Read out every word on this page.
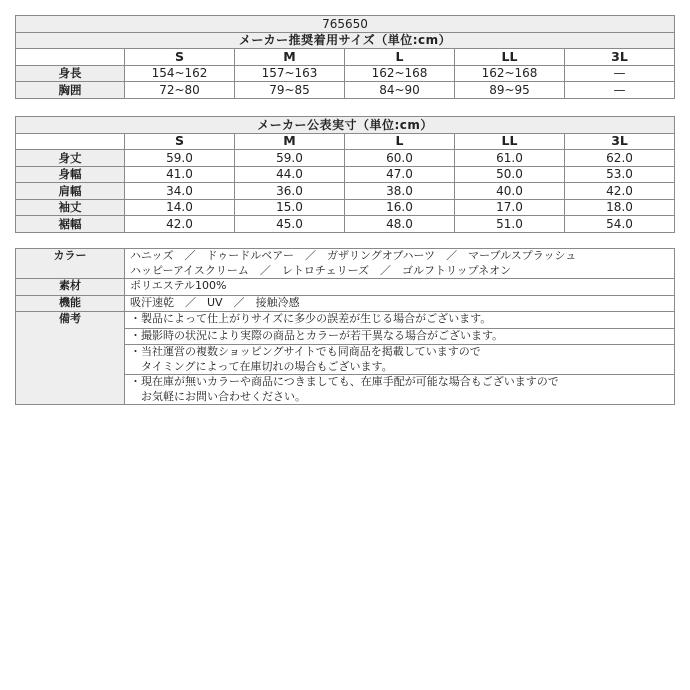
765650					
メーカー推奨着用サイズ（単位:cm）					
	S	M	L	LL	3L
身長	154~162	157~163	162~168	162~168	—
胸囲	72~80	79~85	84~90	89~95	—
メーカー公表実寸（単位:cm）					
	S	M	L	LL	3L
身丈	59.0	59.0	60.0	61.0	62.0
身幅	41.0	44.0	47.0	50.0	53.0
肩幅	34.0	36.0	38.0	40.0	42.0
袖丈	14.0	15.0	16.0	17.0	18.0
裾幅	42.0	45.0	48.0	51.0	54.0
カラー	ハニッズ　／　ドゥードルベアー　／　ガザリングオブハーツ　／　マーブルスプラッシュ
ハッピーアイスクリーム　／　レトロチェリーズ　／　ゴルフトリップネオン

素材	ポリエステル100%
機能	吸汗速乾　／　UV　／　接触冷感
備考	・製品によって仕上がりサイズに多少の誤差が生じる場合がございます。

	・撮影時の状況により実際の商品とカラーが若干異なる場合がございます。

	・当社運営の複数ショッピングサイトでも同商品を掲載していますので
　タイミングによって在庫切れの場合もございます。

	・現在庫が無いカラーや商品につきましても、在庫手配が可能な場合もございますので
　お気軽にお問い合わせください。
